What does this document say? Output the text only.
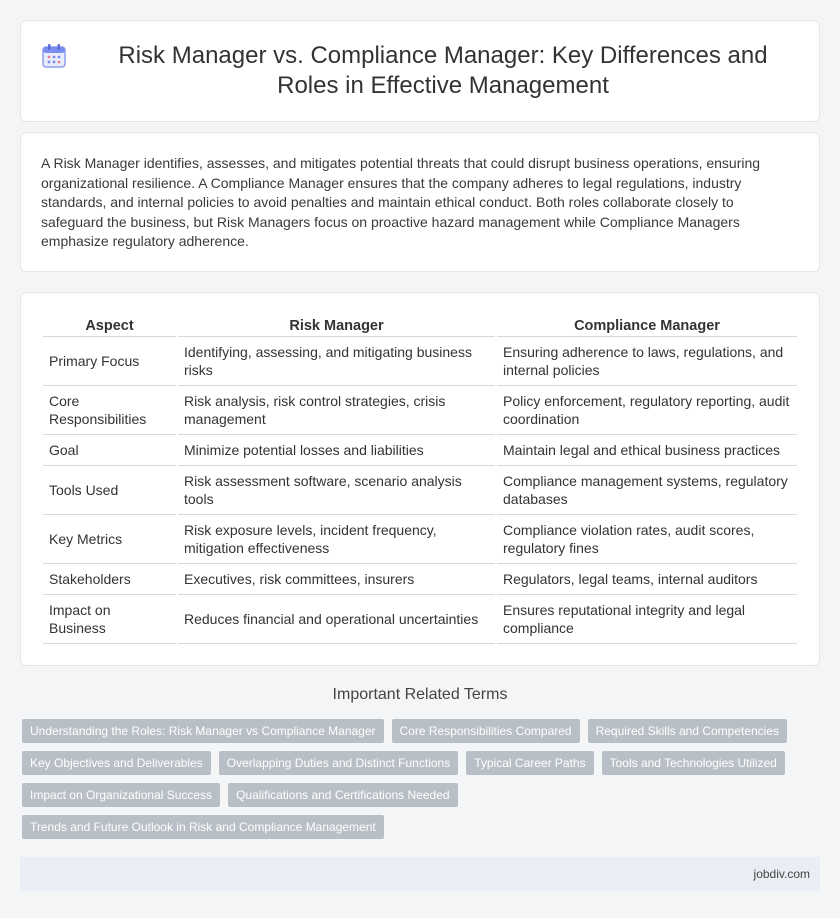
Risk Manager vs. Compliance Manager: Key Differences and Roles in Effective Management

A Risk Manager identifies, assesses, and mitigates potential threats that could disrupt business operations, ensuring organizational resilience. A Compliance Manager ensures that the company adheres to legal regulations, industry standards, and internal policies to avoid penalties and maintain ethical conduct. Both roles collaborate closely to safeguard the business, but Risk Managers focus on proactive hazard management while Compliance Managers emphasize regulatory adherence.

Aspect	Risk Manager	Compliance Manager
Primary Focus	Identifying, assessing, and mitigating business risks	Ensuring adherence to laws, regulations, and internal policies
Core Responsibilities	Risk analysis, risk control strategies, crisis management	Policy enforcement, regulatory reporting, audit coordination
Goal	Minimize potential losses and liabilities	Maintain legal and ethical business practices
Tools Used	Risk assessment software, scenario analysis tools	Compliance management systems, regulatory databases
Key Metrics	Risk exposure levels, incident frequency, mitigation effectiveness	Compliance violation rates, audit scores, regulatory fines
Stakeholders	Executives, risk committees, insurers	Regulators, legal teams, internal auditors
Impact on Business	Reduces financial and operational uncertainties	Ensures reputational integrity and legal compliance
Important Related Terms
Understanding the Roles: Risk Manager vs Compliance Manager	Core Responsibilities Compared	Required Skills and Competencies
Key Objectives and Deliverables	Overlapping Duties and Distinct Functions	Typical Career Paths	Tools and Technologies Utilized
Impact on Organizational Success	Qualifications and Certifications Needed
Trends and Future Outlook in Risk and Compliance Management
jobdiv.com
